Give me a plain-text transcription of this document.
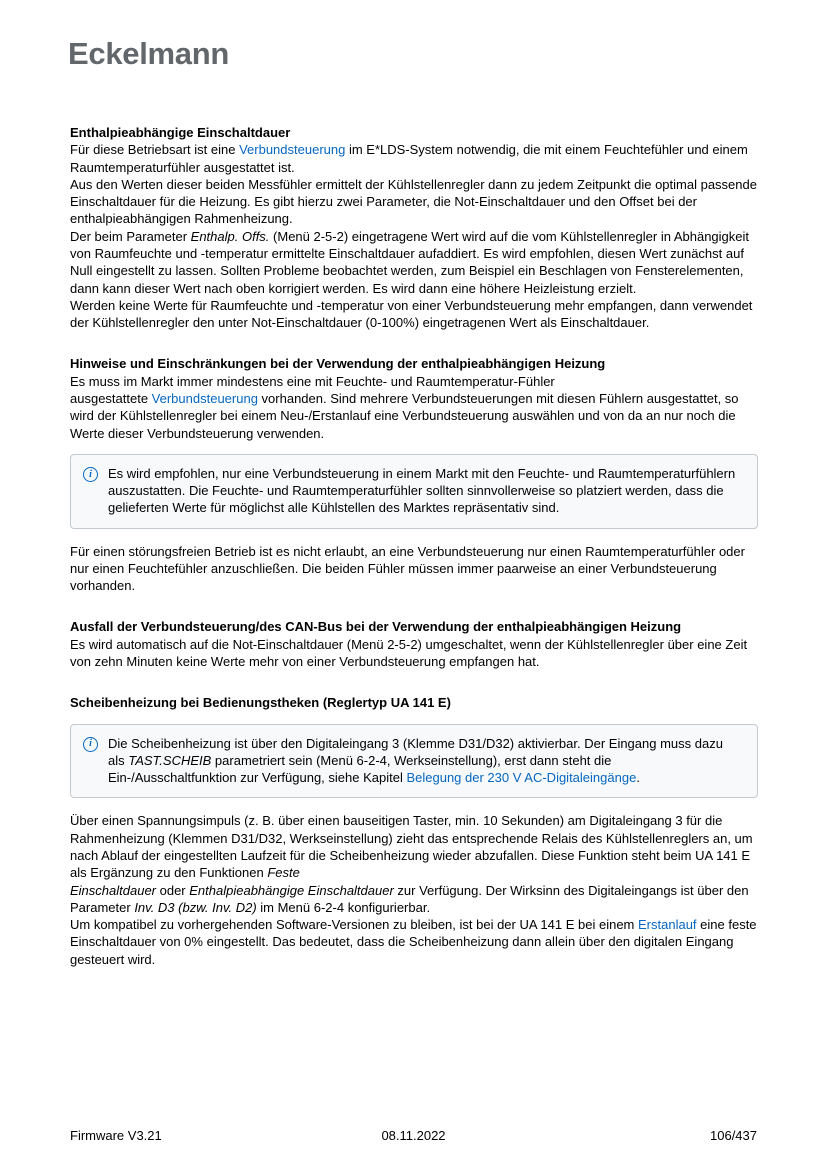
Eckelmann
Enthalpieabhängige Einschaltdauer

Für diese Betriebsart ist eine Verbundsteuerung im E*LDS-System notwendig, die mit einem Feuchtefühler und einem Raumtemperaturfühler ausgestattet ist.

Aus den Werten dieser beiden Messfühler ermittelt der Kühlstellenregler dann zu jedem Zeitpunkt die optimal passende Einschaltdauer für die Heizung. Es gibt hierzu zwei Parameter, die Not-Einschaltdauer und den Offset bei der enthalpieabhängigen Rahmenheizung.

Der beim Parameter Enthalp. Offs. (Menü 2-5-2) eingetragene Wert wird auf die vom Kühlstellenregler in Abhängigkeit von Raumfeuchte und -temperatur ermittelte Einschaltdauer aufaddiert. Es wird empfohlen, diesen Wert zunächst auf Null eingestellt zu lassen. Sollten Probleme beobachtet werden, zum Beispiel ein Beschlagen von Fensterelementen, dann kann dieser Wert nach oben korrigiert werden. Es wird dann eine höhere Heizleistung erzielt.

Werden keine Werte für Raumfeuchte und -temperatur von einer Verbundsteuerung mehr empfangen, dann verwendet der Kühlstellenregler den unter Not-Einschaltdauer (0-100%) eingetragenen Wert als Einschaltdauer.

Hinweise und Einschränkungen bei der Verwendung der enthalpieabhängigen Heizung

Es muss im Markt immer mindestens eine mit Feuchte- und Raumtemperatur-Fühler
ausgestattete Verbundsteuerung vorhanden. Sind mehrere Verbundsteuerungen mit diesen Fühlern ausgestattet, so wird der Kühlstellenregler bei einem Neu-/Erstanlauf eine Verbundsteuerung auswählen und von da an nur noch die Werte dieser Verbundsteuerung verwenden.

i	Es wird empfohlen, nur eine Verbundsteuerung in einem Markt mit den Feuchte- und Raumtemperaturfühlern auszustatten. Die Feuchte- und Raumtemperaturfühler sollten sinnvollerweise so platziert werden, dass die gelieferten Werte für möglichst alle Kühlstellen des Marktes repräsentativ sind.

Für einen störungsfreien Betrieb ist es nicht erlaubt, an eine Verbundsteuerung nur einen Raumtemperaturfühler oder nur einen Feuchtefühler anzuschließen. Die beiden Fühler müssen immer paarweise an einer Verbundsteuerung vorhanden.

Ausfall der Verbundsteuerung/des CAN-Bus bei der Verwendung der enthalpieabhängigen Heizung

Es wird automatisch auf die Not-Einschaltdauer (Menü 2-5-2) umgeschaltet, wenn der Kühlstellenregler über eine Zeit von zehn Minuten keine Werte mehr von einer Verbundsteuerung empfangen hat.

Scheibenheizung bei Bedienungstheken (Reglertyp UA 141 E)
i	Die Scheibenheizung ist über den Digitaleingang 3 (Klemme D31/D32) aktivierbar. Der Eingang muss dazu als TAST.SCHEIB parametriert sein (Menü 6-2-4, Werkseinstellung), erst dann steht die Ein-/Ausschaltfunktion zur Verfügung, siehe Kapitel Belegung der 230 V AC-Digitaleingänge.

Über einen Spannungsimpuls (z. B. über einen bauseitigen Taster, min. 10 Sekunden) am Digitaleingang 3 für die Rahmenheizung (Klemmen D31/D32, Werkseinstellung) zieht das entsprechende Relais des Kühlstellenreglers an, um nach Ablauf der eingestellten Laufzeit für die Scheibenheizung wieder abzufallen. Diese Funktion steht beim UA 141 E als Ergänzung zu den Funktionen Feste
Einschaltdauer oder Enthalpieabhängige Einschaltdauer zur Verfügung. Der Wirksinn des Digitaleingangs ist über den Parameter Inv. D3 (bzw. Inv. D2) im Menü 6-2-4 konfigurierbar.

Um kompatibel zu vorhergehenden Software-Versionen zu bleiben, ist bei der UA 141 E bei einem Erstanlauf eine feste Einschaltdauer von 0% eingestellt. Das bedeutet, dass die Scheibenheizung dann allein über den digitalen Eingang gesteuert wird.

Firmware V3.21	08.11.2022	106/437
